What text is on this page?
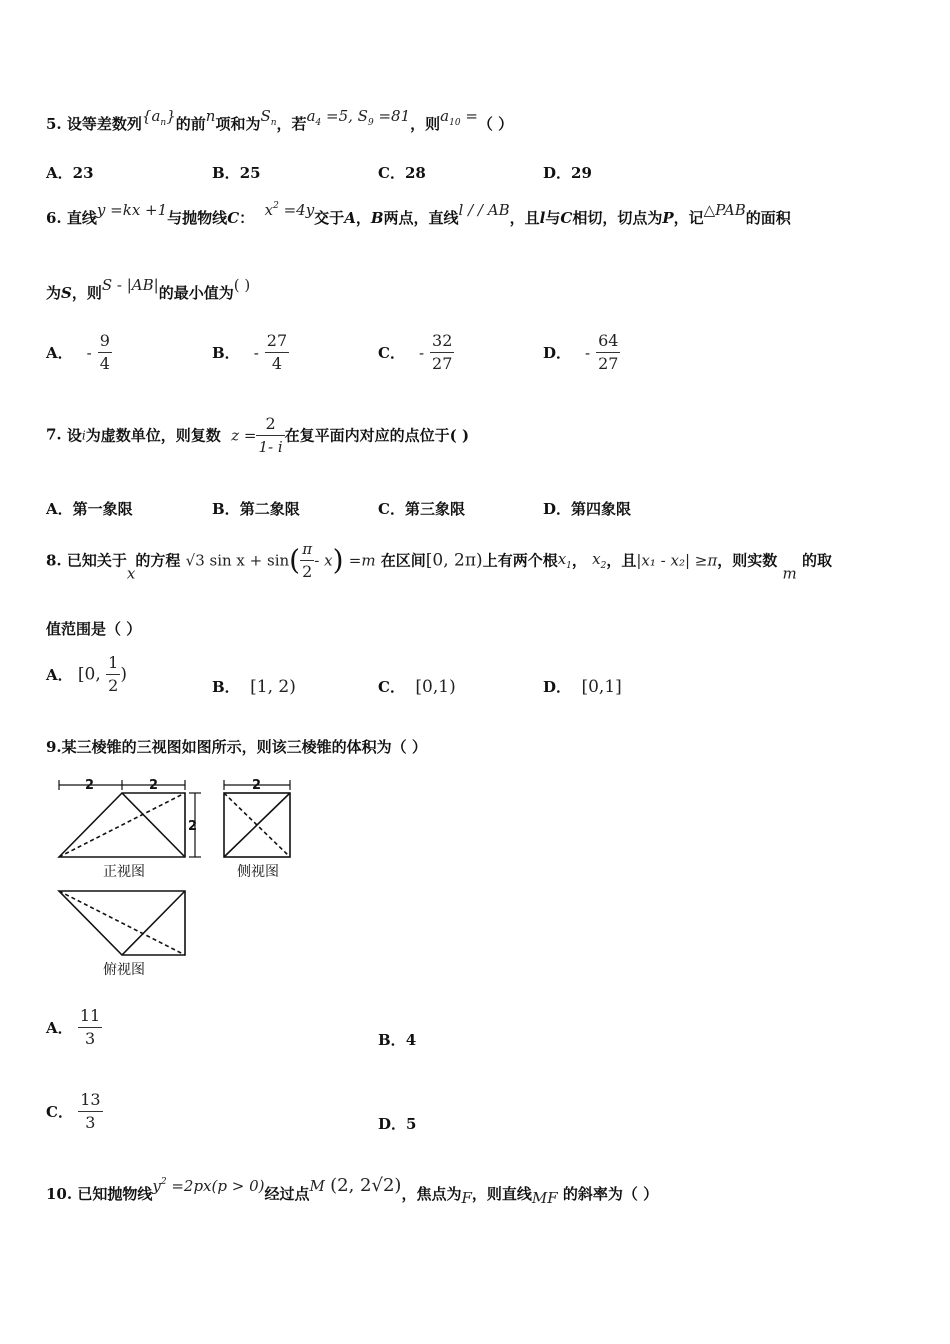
5. 设等差数列$\{a_n\}$的前n项和为$S_n$，若$a_4 =5$, $S_9 =81$，则$a_{10}$ =（ ）
A．23	B．25	C．28	D．29
6. 直线y =kx +1与抛物线C： $x^2 =4y$交于A，B两点，直线l / / AB，且l与C相切，切点为P，记△PAB的面积
为S，则S - |AB|的最小值为( )
A． - $\frac{9}{4}$	B． - $\frac{27}{4}$	C． - $\frac{32}{27}$	D． - $\frac{64}{27}$
7. 设i为虚数单位，则复数 $z = \frac{2}{1- i}$ 在复平面内对应的点位于( )
A．第一象限	B．第二象限	C．第三象限	D．第四象限
8. 已知关于x的方程 √3 $\sin x + \sin( \frac{\pi}{2} - x) =m$ 在区间[0, 2π)上有两个根$x_1$， $x_2$，且|x₁ - x₂| ≥π，则实数 m 的取
值范围是（ ）
A． [0, $\frac{1}{2}$ )
B． [1, 2)	C． [0,1)	D． [0,1]
9.某三棱锥的三视图如图所示，则该三棱锥的体积为（ ）
2	2
2
2
正视图	侧视图
俯视图
A． $\frac{11}{3}$	B．4
C． $\frac{13}{3}$	D．5
10. 已知抛物线$y^2 =2px(p > 0)$经过点M (2, 2√2)，焦点为F，则直线MF 的斜率为（ ）
